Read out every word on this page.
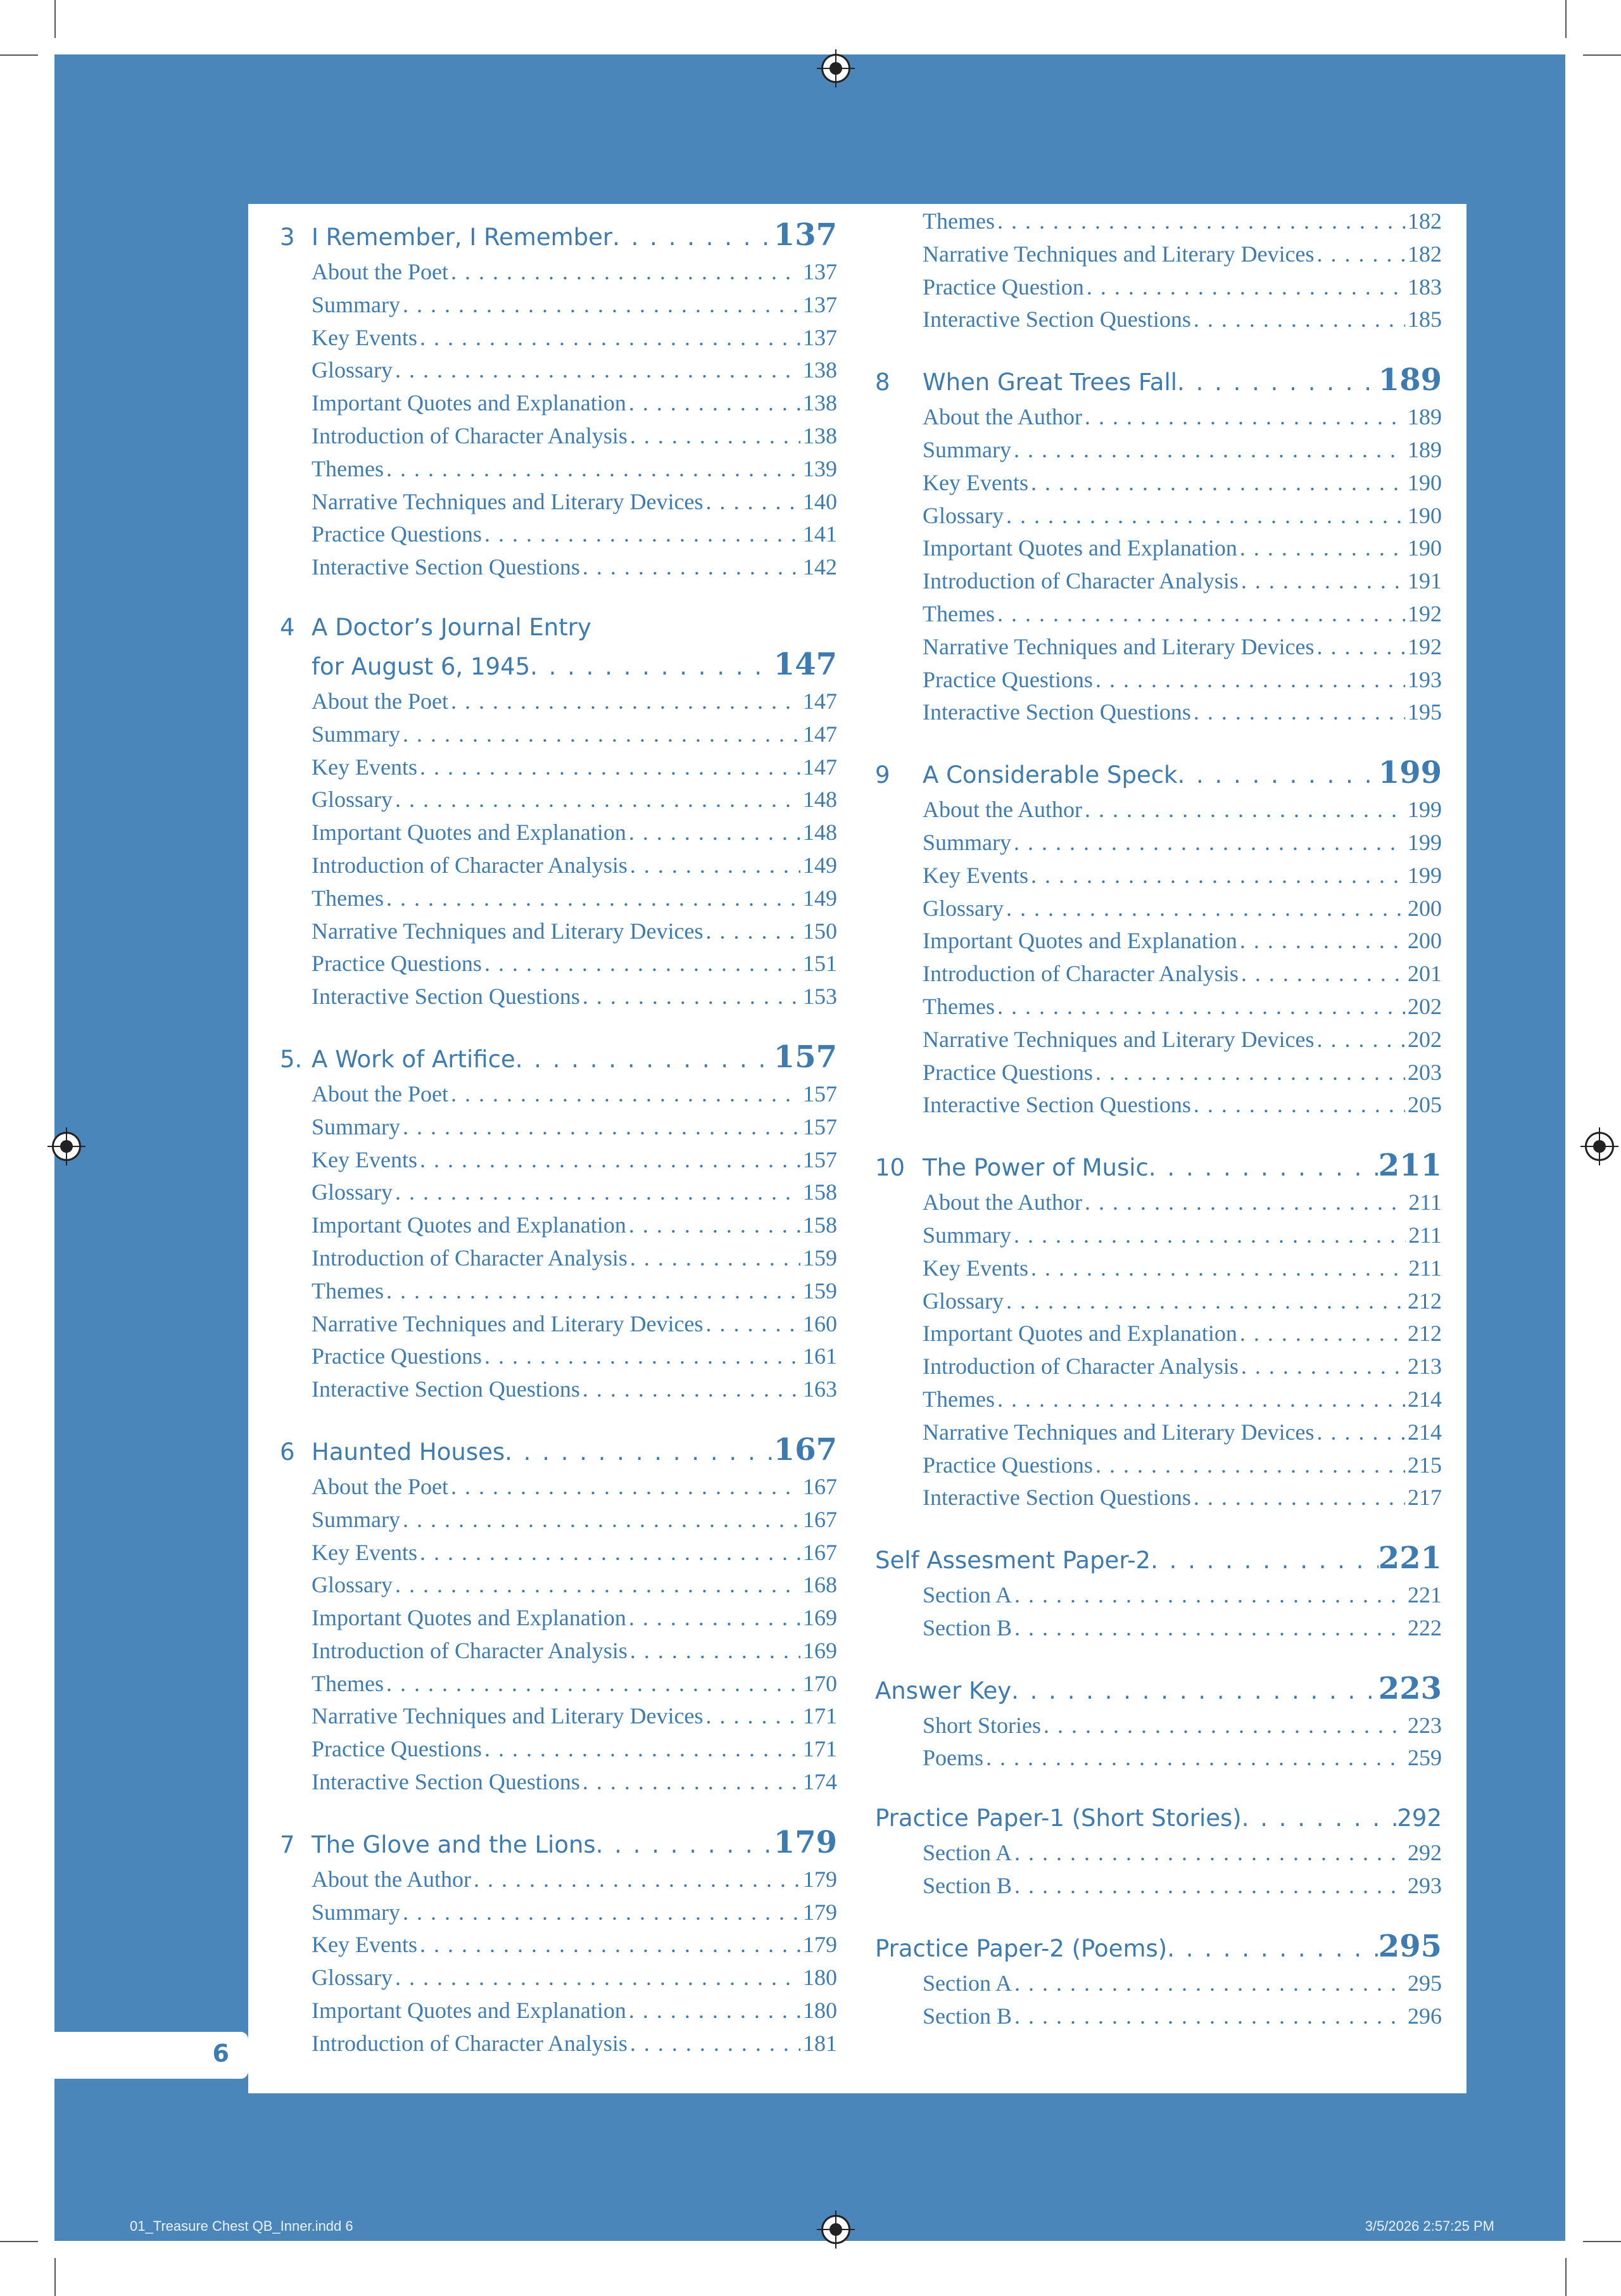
3 I Remember, I Remember . . .	137
About the Poet . . .	137
Summary . . .	137
Key Events . . .	137
Glossary . . .	138
Important Quotes and Explanation . . .	138
Introduction of Character Analysis . . .	138
Themes . . .	139
Narrative Techniques and Literary Devices . . .	140
Practice Questions . . .	141
Interactive Section Questions . . .	142
4 A Doctor’s Journal Entry
for August 6, 1945 . . .	147
About the Poet . . .	147
Summary . . .	147
Key Events . . .	147
Glossary . . .	148
Important Quotes and Explanation . . .	148
Introduction of Character Analysis . . .	149
Themes . . .	149
Narrative Techniques and Literary Devices . . .	150
Practice Questions . . .	151
Interactive Section Questions . . .	153
5. A Work of Artifice . . .	157
About the Poet . . .	157
Summary . . .	157
Key Events . . .	157
Glossary . . .	158
Important Quotes and Explanation . . .	158
Introduction of Character Analysis . . .	159
Themes . . .	159
Narrative Techniques and Literary Devices . . .	160
Practice Questions . . .	161
Interactive Section Questions . . .	163
6 Haunted Houses . . .	167
About the Poet . . .	167
Summary . . .	167
Key Events . . .	167
Glossary . . .	168
Important Quotes and Explanation . . .	169
Introduction of Character Analysis . . .	169
Themes . . .	170
Narrative Techniques and Literary Devices . . .	171
Practice Questions . . .	171
Interactive Section Questions . . .	174
7 The Glove and the Lions . . .	179
About the Author . . .	179
Summary . . .	179
Key Events . . .	179
Glossary . . .	180
Important Quotes and Explanation . . .	180
Introduction of Character Analysis . . .	181
Themes . . .	182
Narrative Techniques and Literary Devices . . .	182
Practice Question . . .	183
Interactive Section Questions . . .	185
8	When Great Trees Fall . . .	189
About the Author . . .	189
Summary . . .	189
Key Events . . .	190
Glossary . . .	190
Important Quotes and Explanation . . .	190
Introduction of Character Analysis . . .	191
Themes . . .	192
Narrative Techniques and Literary Devices . . .	192
Practice Questions . . .	193
Interactive Section Questions . . .	195
9	A Considerable Speck . . .	199
About the Author . . .	199
Summary . . .	199
Key Events . . .	199
Glossary . . .	200
Important Quotes and Explanation . . .	200
Introduction of Character Analysis . . .	201
Themes . . .	202
Narrative Techniques and Literary Devices . . .	202
Practice Questions . . .	203
Interactive Section Questions . . .	205
10 The Power of Music . . .	211
About the Author . . .	211
Summary . . .	211
Key Events . . .	211
Glossary . . .	212
Important Quotes and Explanation . . .	212
Introduction of Character Analysis . . .	213
Themes . . .	214
Narrative Techniques and Literary Devices . . .	214
Practice Questions . . .	215
Interactive Section Questions . . .	217
Self Assesment Paper-2 . . .	221
Section A . . .	221
Section B . . .	222
Answer Key . . .	223
Short Stories . . .	223
Poems . . .	259
Practice Paper-1 (Short Stories) . . .	292
Section A . . .	292
Section B . . .	293
Practice Paper-2 (Poems) . . .	295
Section A . . .	295
Section B . . .	296
6
01_Treasure Chest QB_Inner.indd 6	3/5/2026 2:57:25 PM
